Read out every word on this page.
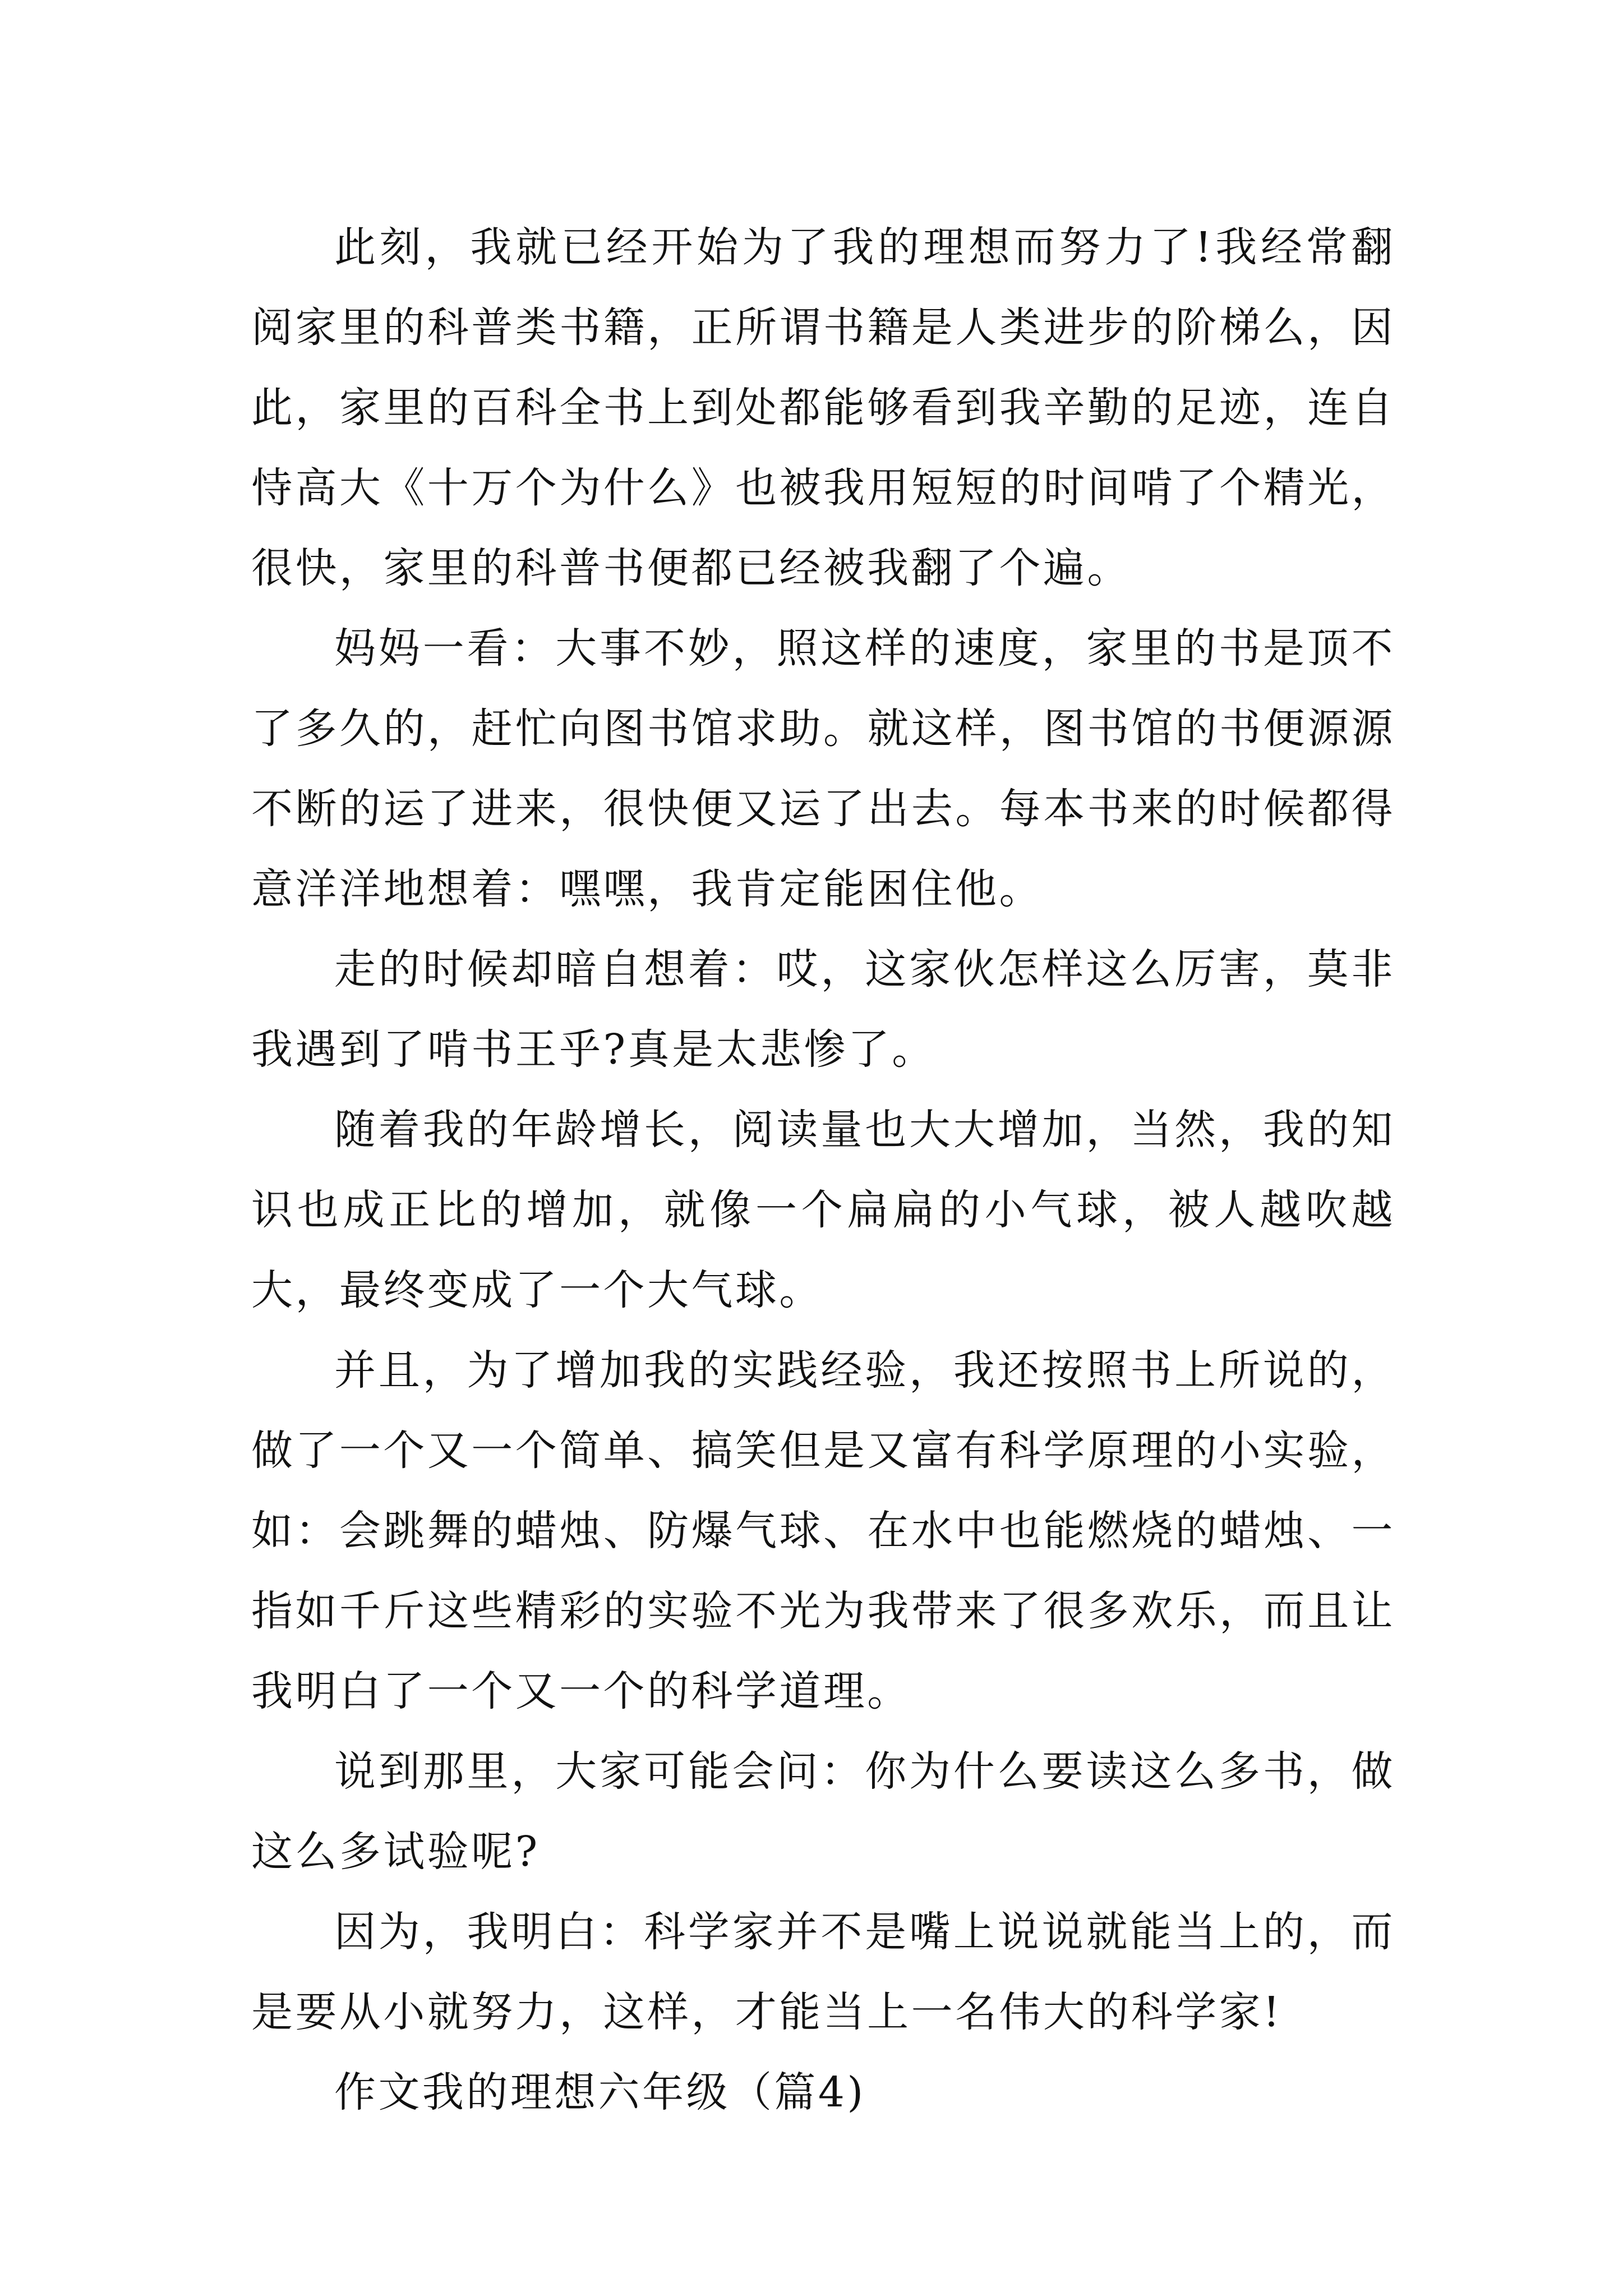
此刻，我就已经开始为了我的理想而努力了!我经常翻阅家里的科普类书籍，正所谓书籍是人类进步的阶梯么，因此，家里的百科全书上到处都能够看到我辛勤的足迹，连自恃高大《十万个为什么》也被我用短短的时间啃了个精光，很快，家里的科普书便都已经被我翻了个遍。

妈妈一看：大事不妙，照这样的速度，家里的书是顶不了多久的，赶忙向图书馆求助。就这样，图书馆的书便源源不断的运了进来，很快便又运了出去。每本书来的时候都得意洋洋地想着：嘿嘿，我肯定能困住他。

走的时候却暗自想着：哎，这家伙怎样这么厉害，莫非我遇到了啃书王乎?真是太悲惨了。

随着我的年龄增长，阅读量也大大增加，当然，我的知识也成正比的增加，就像一个扁扁的小气球，被人越吹越大，最终变成了一个大气球。

并且，为了增加我的实践经验，我还按照书上所说的，做了一个又一个简单、搞笑但是又富有科学原理的小实验，如：会跳舞的蜡烛、防爆气球、在水中也能燃烧的蜡烛、一指如千斤这些精彩的实验不光为我带来了很多欢乐，而且让我明白了一个又一个的科学道理。

说到那里，大家可能会问：你为什么要读这么多书，做这么多试验呢?

因为，我明白：科学家并不是嘴上说说就能当上的，而是要从小就努力，这样，才能当上一名伟大的科学家!

作文我的理想六年级（篇4)
